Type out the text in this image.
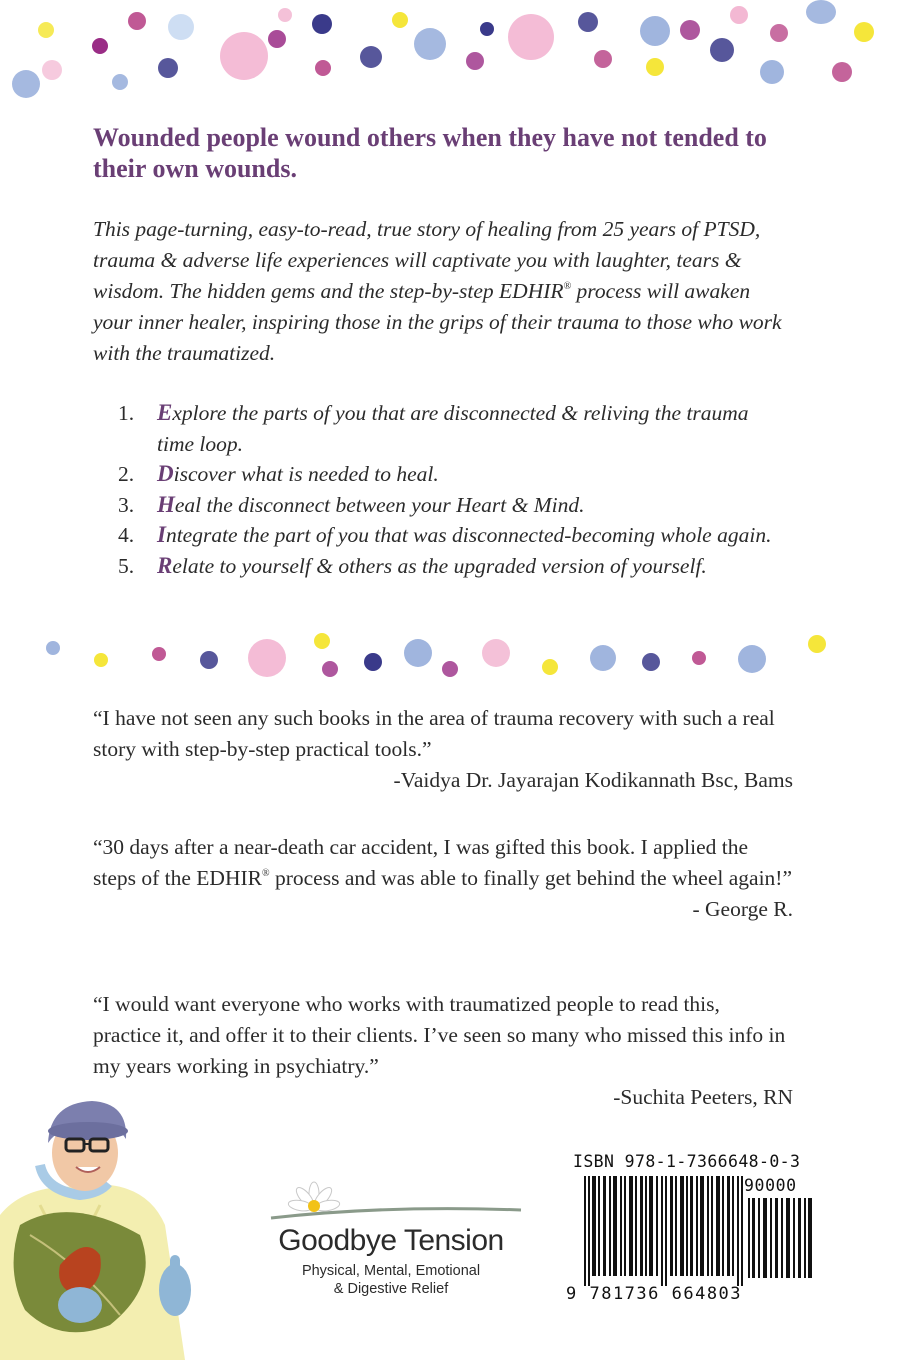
Wounded people wound others when they have not tended to their own wounds.
This page-turning, easy-to-read, true story of healing from 25 years of PTSD, trauma & adverse life experiences will captivate you with laughter, tears & wisdom. The hidden gems and the step-by-step EDHIR® process will awaken your inner healer, inspiring those in the grips of their trauma to those who work with the traumatized.
1. Explore the parts of you that are disconnected & reliving the trauma time loop.
2. Discover what is needed to heal.
3. Heal the disconnect between your Heart & Mind.
4. Integrate the part of you that was disconnected-becoming whole again.
5. Relate to yourself & others as the upgraded version of yourself.
“I have not seen any such books in the area of trauma recovery with such a real story with step-by-step practical tools.”
-Vaidya Dr. Jayarajan Kodikannath Bsc, Bams
“30 days after a near-death car accident, I was gifted this book. I applied the steps of the EDHIR® process and was able to finally get behind the wheel again!”
- George R.
“I would want everyone who works with traumatized people to read this, practice it, and offer it to their clients. I’ve seen so many who missed this info in my years working in psychiatry.”
-Suchita Peeters, RN
Goodbye Tension
Physical, Mental, Emotional
& Digestive Relief
ISBN 978-1-7366648-0-3
90000
9 781736 664803
